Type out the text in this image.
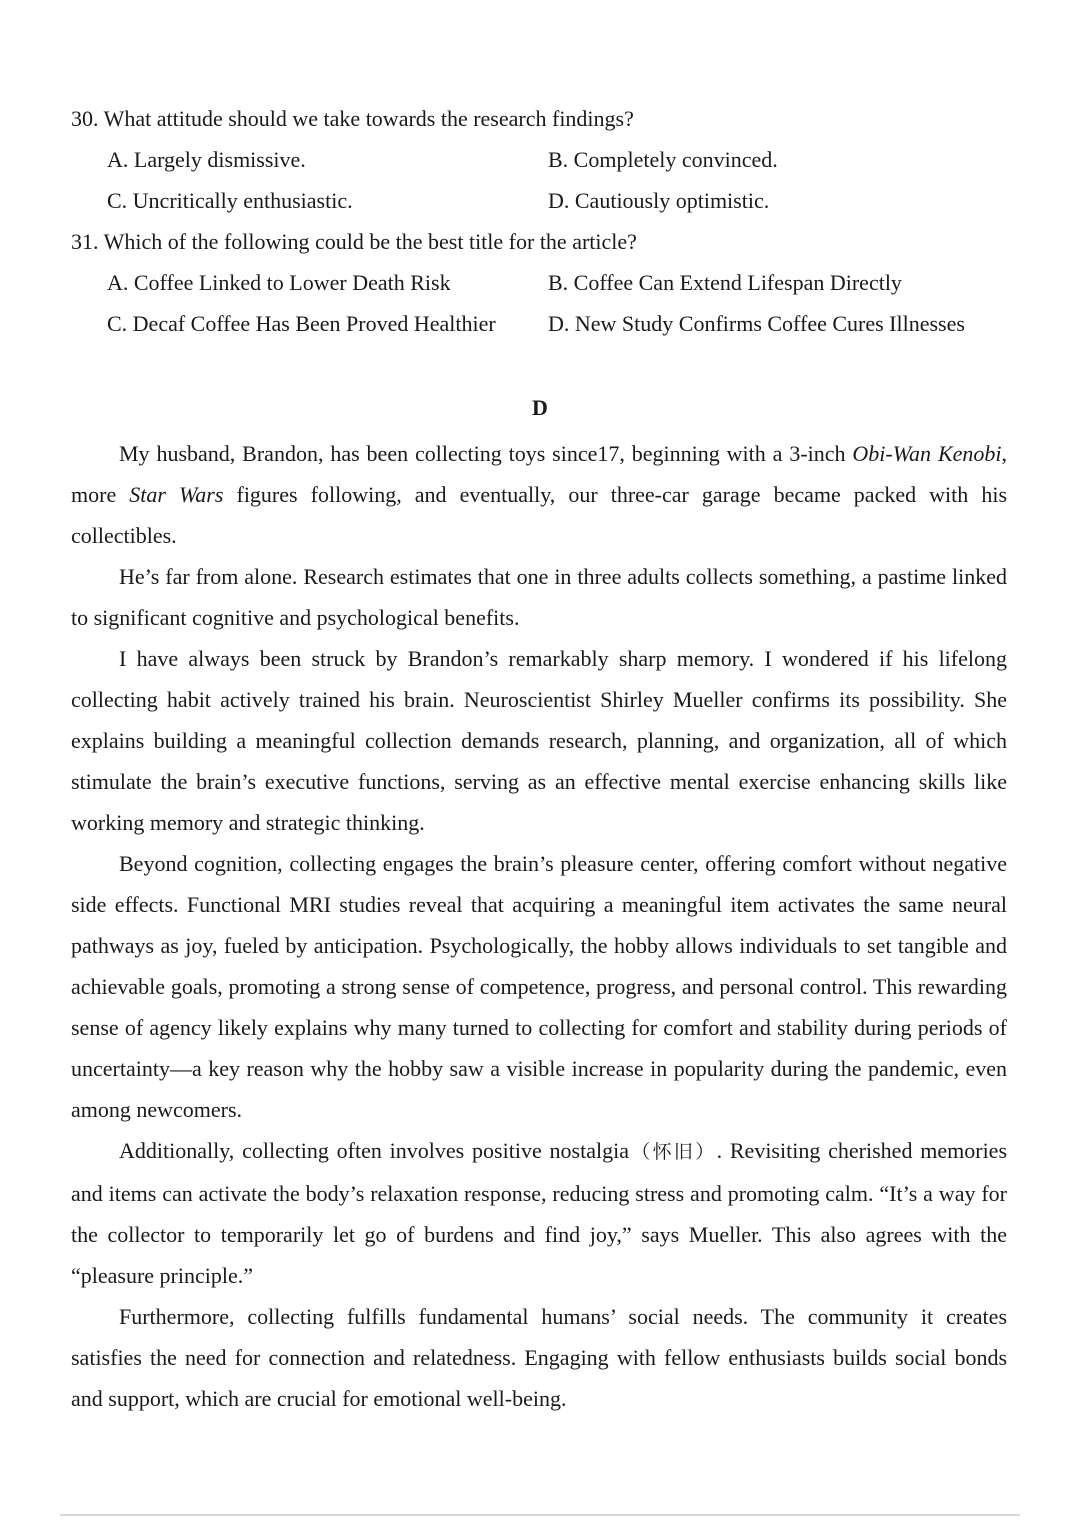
30. What attitude should we take towards the research findings?
A. Largely dismissive.	B. Completely convinced.
C. Uncritically enthusiastic.	D. Cautiously optimistic.
31. Which of the following could be the best title for the article?
A. Coffee Linked to Lower Death Risk	B. Coffee Can Extend Lifespan Directly
C. Decaf Coffee Has Been Proved Healthier D. New Study Confirms Coffee Cures Illnesses
D

My husband, Brandon, has been collecting toys since17, beginning with a 3-inch Obi-Wan Kenobi, more Star Wars figures following, and eventually, our three-car garage became packed with his collectibles.

He’s far from alone. Research estimates that one in three adults collects something, a pastime linked to significant cognitive and psychological benefits.

I have always been struck by Brandon’s remarkably sharp memory. I wondered if his lifelong collecting habit actively trained his brain. Neuroscientist Shirley Mueller confirms its possibility. She explains building a meaningful collection demands research, planning, and organization, all of which stimulate the brain’s executive functions, serving as an effective mental exercise enhancing skills like working memory and strategic thinking.

Beyond cognition, collecting engages the brain’s pleasure center, offering comfort without negative side effects. Functional MRI studies reveal that acquiring a meaningful item activates the same neural pathways as joy, fueled by anticipation. Psychologically, the hobby allows individuals to set tangible and achievable goals, promoting a strong sense of competence, progress, and personal control. This rewarding sense of agency likely explains why many turned to collecting for comfort and stability during periods of uncertainty—a key reason why the hobby saw a visible increase in popularity during the pandemic, even among newcomers.

Additionally, collecting often involves positive nostalgia（怀旧）. Revisiting cherished memories and items can activate the body’s relaxation response, reducing stress and promoting calm. “It’s a way for the collector to temporarily let go of burdens and find joy,” says Mueller. This also agrees with the “pleasure principle.”

Furthermore, collecting fulfills fundamental humans’ social needs. The community it creates satisfies the need for connection and relatedness. Engaging with fellow enthusiasts builds social bonds and support, which are crucial for emotional well-being.
